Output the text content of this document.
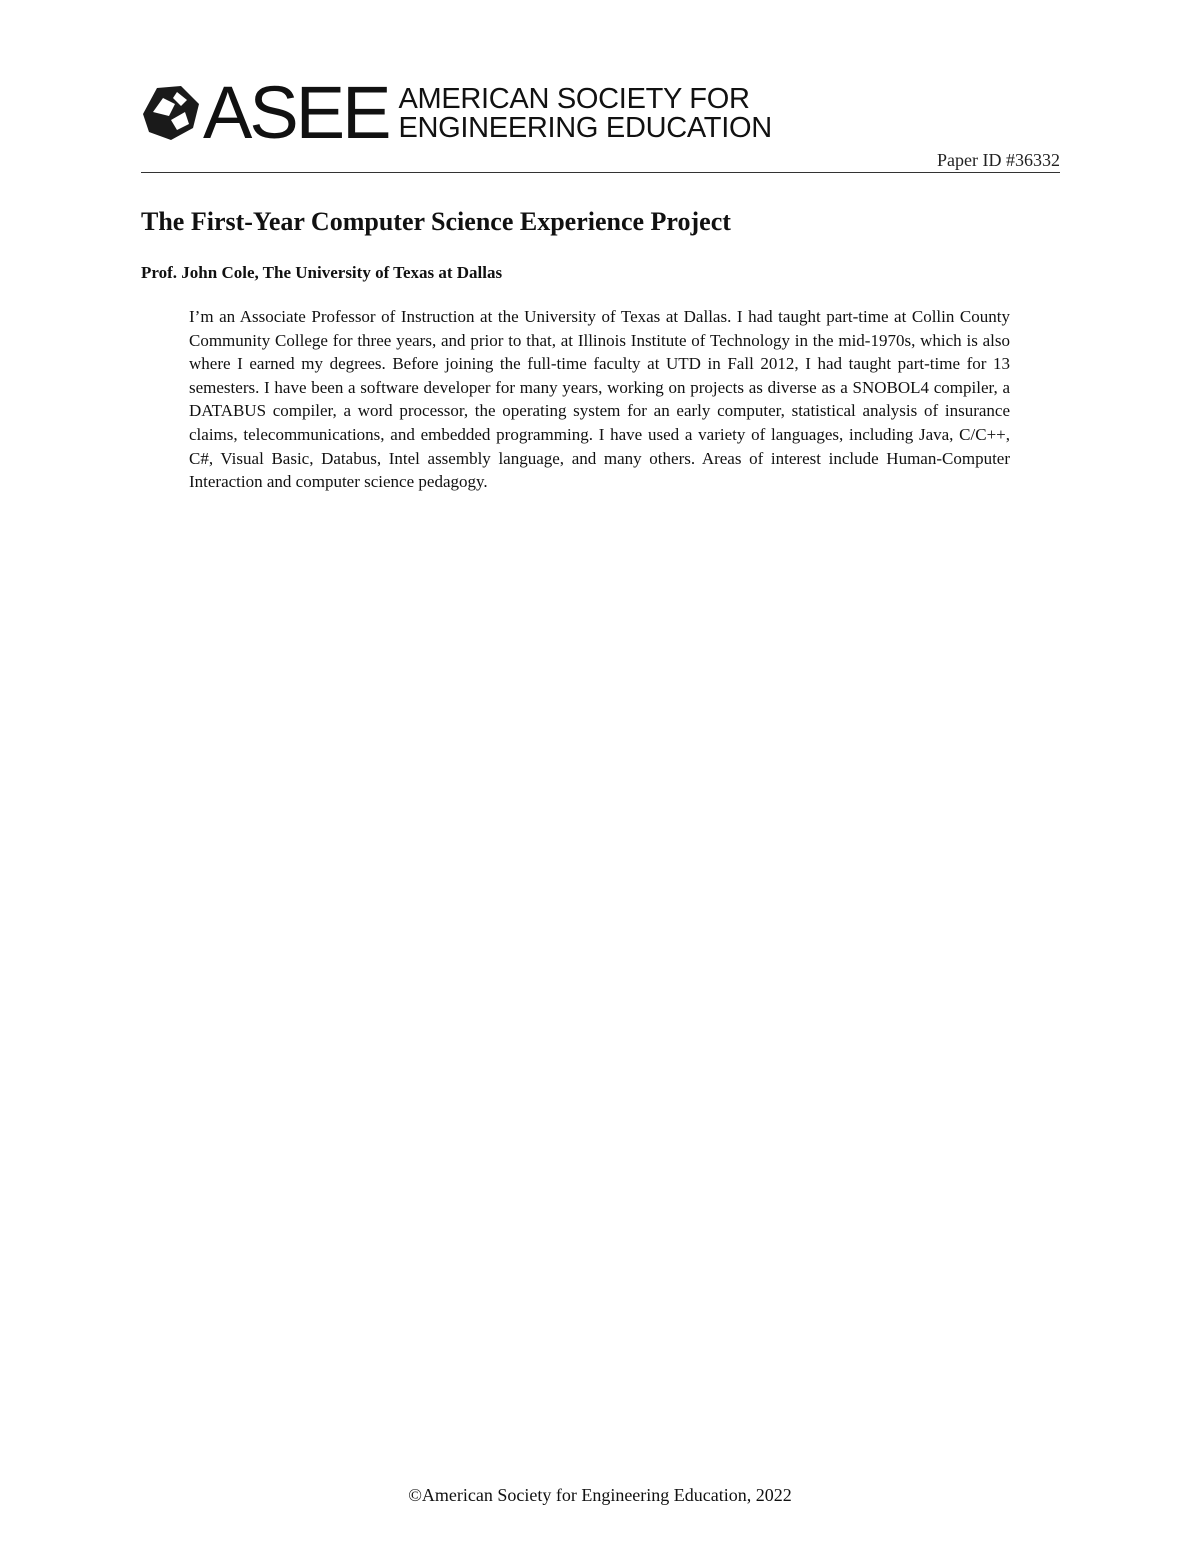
ASEE AMERICAN SOCIETY FOR
ENGINEERING EDUCATION
Paper ID #36332
The First-Year Computer Science Experience Project

Prof. John Cole, The University of Texas at Dallas

I’m an Associate Professor of Instruction at the University of Texas at Dallas. I had taught part-time at Collin County Community College for three years, and prior to that, at Illinois Institute of Technology in the mid-1970s, which is also where I earned my degrees. Before joining the full-time faculty at UTD in Fall 2012, I had taught part-time for 13 semesters. I have been a software developer for many years, working on projects as diverse as a SNOBOL4 compiler, a DATABUS compiler, a word processor, the operating system for an early computer, statistical analysis of insurance claims, telecommunications, and embedded programming. I have used a variety of languages, including Java, C/C++, C#, Visual Basic, Databus, Intel assembly language, and many others. Areas of interest include Human-Computer Interaction and computer science pedagogy.

©American Society for Engineering Education, 2022
